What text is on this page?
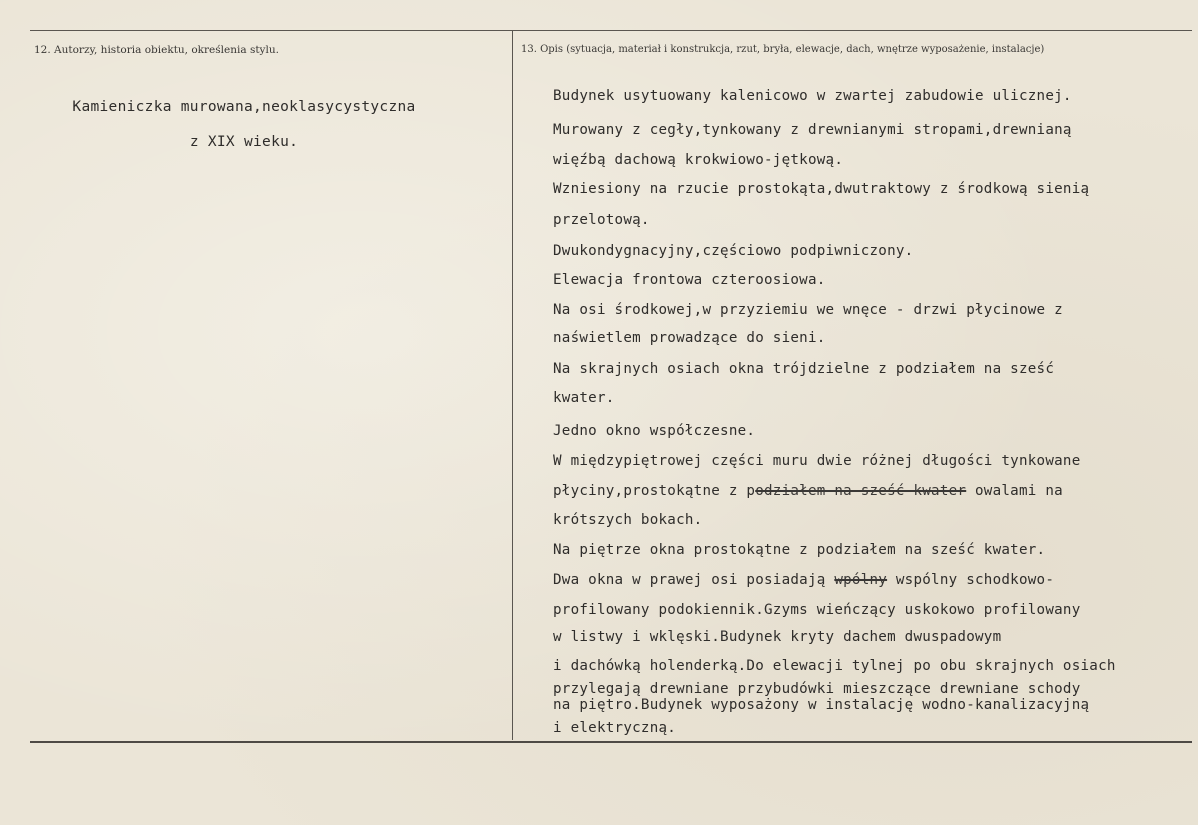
12. Autorzy, historia obiektu, określenia stylu.	13. Opis (sytuacja, materiał i konstrukcja, rzut, bryła, elewacje, dach, wnętrze wyposażenie, instalacje)
Kamieniczka murowana,neoklasycystyczna
z XIX wieku.
Budynek usytuowany kalenicowo w zwartej zabudowie ulicznej.
Murowany z cegły,tynkowany z drewnianymi stropami,drewnianą
więźbą dachową krokwiowo-jętkową.
Wzniesiony na rzucie prostokąta,dwutraktowy z środkową sienią
przelotową.
Dwukondygnacyjny,częściowo podpiwniczony.
Elewacja frontowa czteroosiowa.
Na osi środkowej,w przyziemiu we wnęce - drzwi płycinowe z
naświetlem prowadzące do sieni.
Na skrajnych osiach okna trójdzielne z podziałem na sześć
kwater.
Jedno okno współczesne.
W międzypiętrowej części muru dwie różnej długości tynkowane
płyciny,prostokątne z podziałem na sześć kwater owalami na
krótszych bokach.
Na piętrze okna prostokątne z podziałem na sześć kwater.
Dwa okna w prawej osi posiadają wpólny wspólny schodkowo-
profilowany podokiennik.Gzyms wieńczący uskokowo profilowany
w listwy i wklęski.Budynek kryty dachem dwuspadowym
i dachówką holenderką.Do elewacji tylnej po obu skrajnych osiach
przylegają drewniane przybudówki mieszczące drewniane schody
na piętro.Budynek wyposażony w instalację wodno-kanalizacyjną
i elektryczną.
